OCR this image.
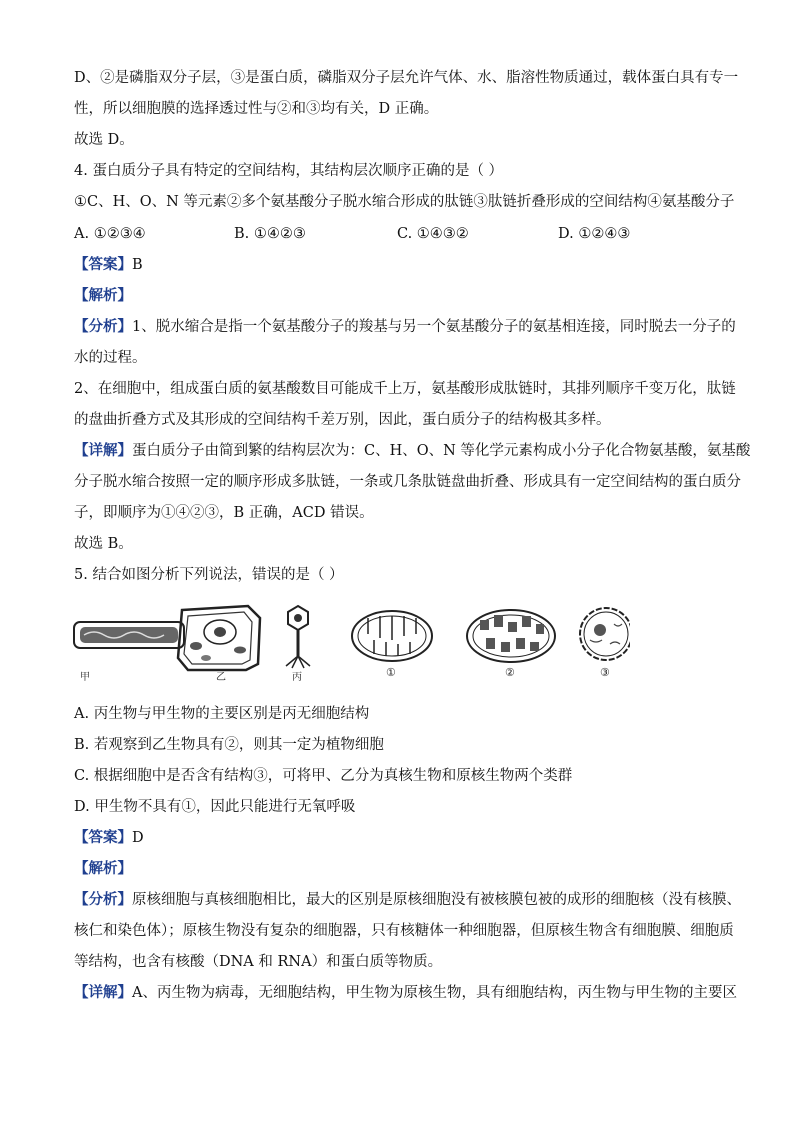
D、②是磷脂双分子层，③是蛋白质，磷脂双分子层允许气体、水、脂溶性物质通过，载体蛋白具有专一
性，所以细胞膜的选择透过性与②和③均有关，D 正确。
故选 D。
4. 蛋白质分子具有特定的空间结构，其结构层次顺序正确的是（ ）
①C、H、O、N 等元素②多个氨基酸分子脱水缩合形成的肽链③肽链折叠形成的空间结构④氨基酸分子
A. ①②③④	B. ①④②③	C. ①④③②	D. ①②④③
【答案】B
【解析】
【分析】1、脱水缩合是指一个氨基酸分子的羧基与另一个氨基酸分子的氨基相连接，同时脱去一分子的
水的过程。
2、在细胞中，组成蛋白质的氨基酸数目可能成千上万，氨基酸形成肽链时，其排列顺序千变万化，肽链
的盘曲折叠方式及其形成的空间结构千差万别，因此，蛋白质分子的结构极其多样。
【详解】蛋白质分子由简到繁的结构层次为：C、H、O、N 等化学元素构成小分子化合物氨基酸，氨基酸
分子脱水缩合按照一定的顺序形成多肽链，一条或几条肽链盘曲折叠、形成具有一定空间结构的蛋白质分
子，即顺序为①④②③，B 正确，ACD 错误。
故选 B。
5. 结合如图分析下列说法，错误的是（ ）
甲	乙	丙	①	②	③
A. 丙生物与甲生物的主要区别是丙无细胞结构
B. 若观察到乙生物具有②，则其一定为植物细胞
C. 根据细胞中是否含有结构③，可将甲、乙分为真核生物和原核生物两个类群
D. 甲生物不具有①，因此只能进行无氧呼吸
【答案】D
【解析】
【分析】原核细胞与真核细胞相比，最大的区别是原核细胞没有被核膜包被的成形的细胞核（没有核膜、
核仁和染色体）；原核生物没有复杂的细胞器，只有核糖体一种细胞器，但原核生物含有细胞膜、细胞质
等结构，也含有核酸（DNA 和 RNA）和蛋白质等物质。
【详解】A、丙生物为病毒，无细胞结构，甲生物为原核生物，具有细胞结构，丙生物与甲生物的主要区
